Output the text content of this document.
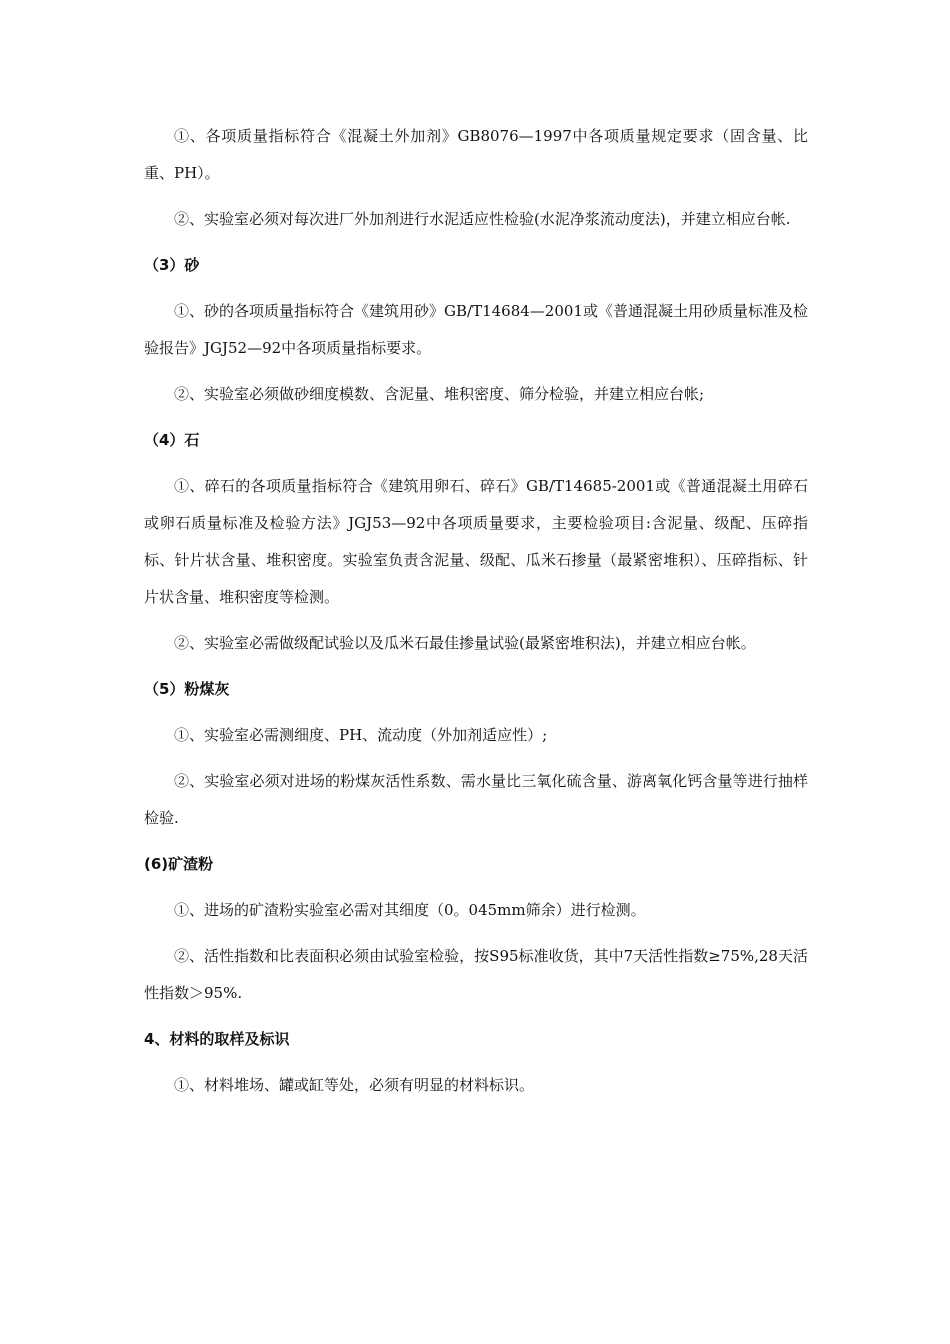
①、各项质量指标符合《混凝土外加剂》GB8076—1997中各项质量规定要求（固含量、比重、PH）。

②、实验室必须对每次进厂外加剂进行水泥适应性检验(水泥净浆流动度法)，并建立相应台帐.

（3）砂

①、砂的各项质量指标符合《建筑用砂》GB/T14684—2001或《普通混凝土用砂质量标准及检验报告》JGJ52—92中各项质量指标要求。

②、实验室必须做砂细度模数、含泥量、堆积密度、筛分检验，并建立相应台帐;

（4）石

①、碎石的各项质量指标符合《建筑用卵石、碎石》GB/T14685-2001或《普通混凝土用碎石或卵石质量标准及检验方法》JGJ53—92中各项质量要求，主要检验项目:含泥量、级配、压碎指标、针片状含量、堆积密度。实验室负责含泥量、级配、瓜米石掺量（最紧密堆积）、压碎指标、针片状含量、堆积密度等检测。

②、实验室必需做级配试验以及瓜米石最佳掺量试验(最紧密堆积法)，并建立相应台帐。

（5）粉煤灰

①、实验室必需测细度、PH、流动度（外加剂适应性）;

②、实验室必须对进场的粉煤灰活性系数、需水量比三氧化硫含量、游离氧化钙含量等进行抽样检验.

(6)矿渣粉

①、进场的矿渣粉实验室必需对其细度（0。045mm筛余）进行检测。

②、活性指数和比表面积必须由试验室检验，按S95标准收货，其中7天活性指数≥75%,28天活性指数＞95%.

4、材料的取样及标识

①、材料堆场、罐或缸等处，必须有明显的材料标识。
